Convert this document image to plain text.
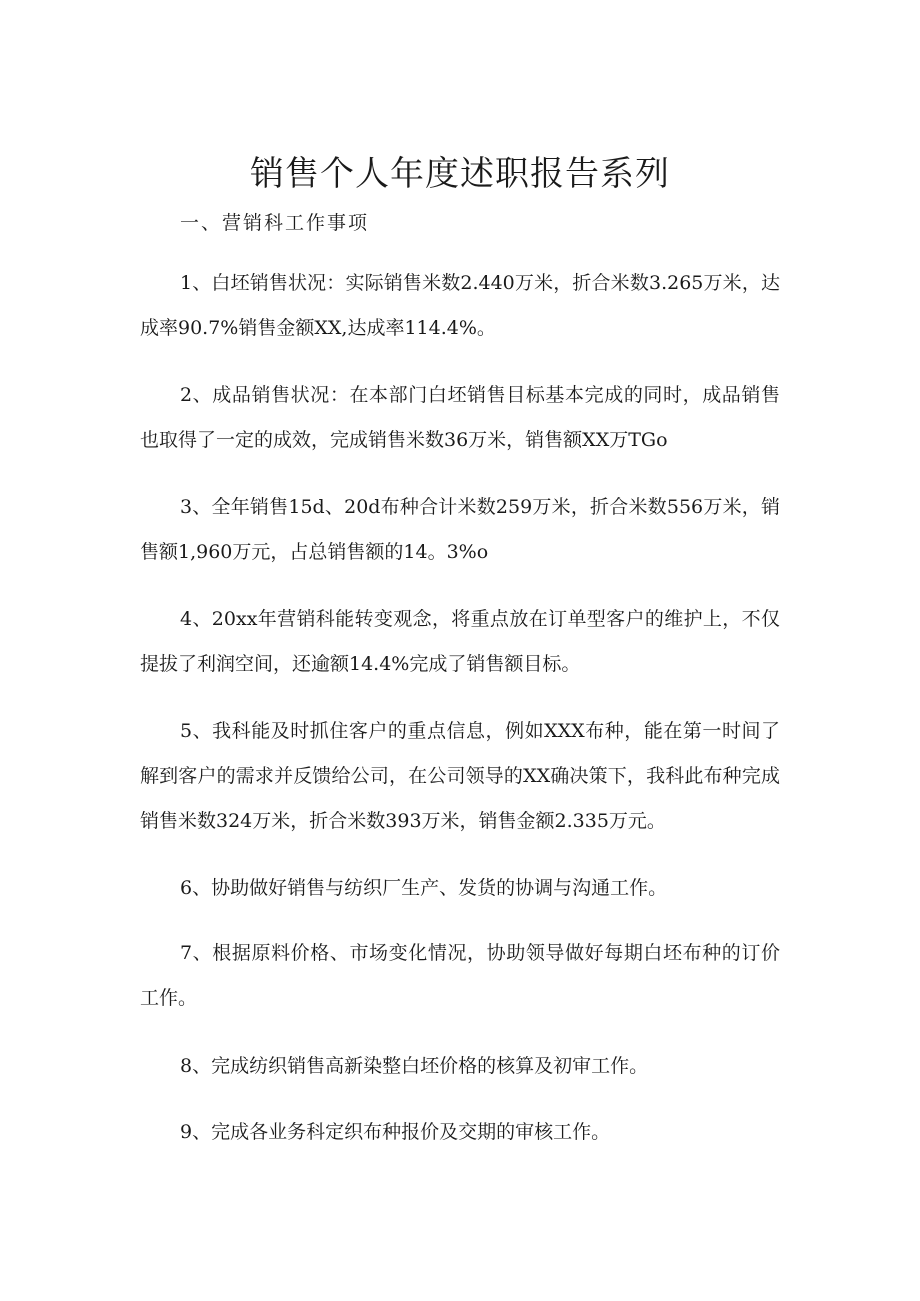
销售个人年度述职报告系列

一、营销科工作事项

1、白坯销售状况：实际销售米数2.440万米，折合米数3.265万米，达成率90.7%销售金额XX,达成率114.4%。

2、成品销售状况：在本部门白坯销售目标基本完成的同时，成品销售也取得了一定的成效，完成销售米数36万米，销售额XX万TGo

3、全年销售15d、20d布种合计米数259万米，折合米数556万米，销售额1,960万元，占总销售额的14。3%o

4、20xx年营销科能转变观念，将重点放在订单型客户的维护上，不仅提拔了利润空间，还逾额14.4%完成了销售额目标。

5、我科能及时抓住客户的重点信息，例如XXX布种，能在第一时间了解到客户的需求并反馈给公司，在公司领导的XX确决策下，我科此布种完成销售米数324万米，折合米数393万米，销售金额2.335万元。

6、协助做好销售与纺织厂生产、发货的协调与沟通工作。

7、根据原料价格、市场变化情况，协助领导做好每期白坯布种的订价工作。

8、完成纺织销售高新染整白坯价格的核算及初审工作。

9、完成各业务科定织布种报价及交期的审核工作。
